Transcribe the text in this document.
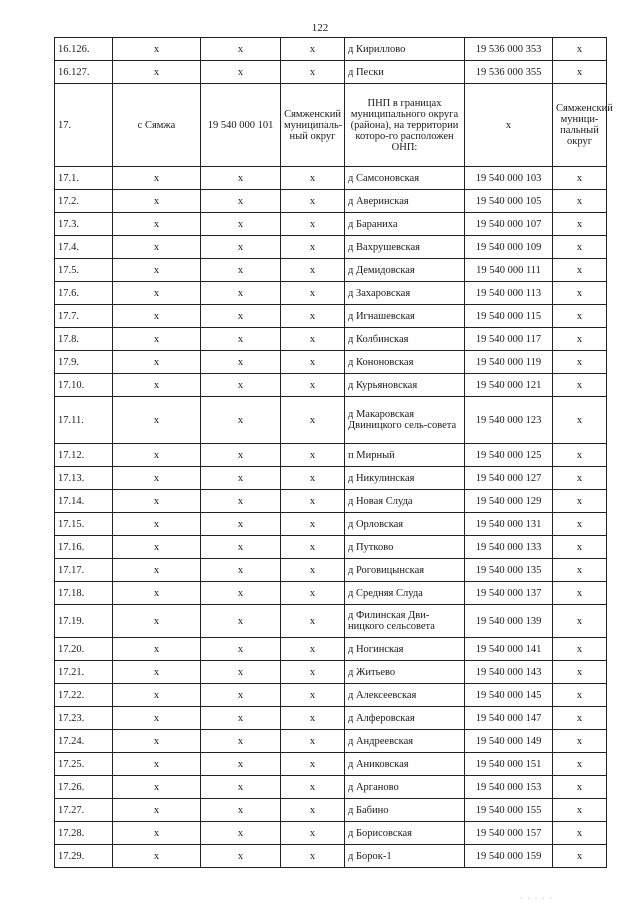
122
16.126.	x	x	x	д Кириллово	19 536 000 353	x
16.127.	x	x	x	д Пески	19 536 000 355	x
17.	с Сямжа	19 540 000 101	Сямженский муниципаль-ный округ	ПНП в границах муниципального округа (района), на территории которо-го расположен ОНП:	х	Сямженский муници-пальный округ
17.1.	x	x	x	д Самсоновская	19 540 000 103	x
17.2.	x	x	x	д Аверинская	19 540 000 105	x
17.3.	x	x	x	д Бараниха	19 540 000 107	x
17.4.	x	x	x	д Вахрушевская	19 540 000 109	x
17.5.	x	x	x	д Демидовская	19 540 000 111	x
17.6.	x	x	x	д Захаровская	19 540 000 113	x
17.7.	x	x	x	д Игнашевская	19 540 000 115	x
17.8.	x	x	x	д Колбинская	19 540 000 117	x
17.9.	x	x	x	д Кононовская	19 540 000 119	x
17.10.	x	x	x	д Курьяновская	19 540 000 121	x
17.11.	x	x	x	д Макаровская Двиницкого сель-совета	19 540 000 123	x
17.12.	x	x	x	п Мирный	19 540 000 125	x
17.13.	x	x	x	д Никулинская	19 540 000 127	x
17.14.	x	x	x	д Новая Слуда	19 540 000 129	x
17.15.	x	x	x	д Орловская	19 540 000 131	x
17.16.	x	x	x	д Путково	19 540 000 133	x
17.17.	x	x	x	д Роговицынская	19 540 000 135	x
17.18.	x	x	x	д Средняя Слуда	19 540 000 137	x
17.19.	x	x	x	д Филинская Дви-ницкого сельсовета	19 540 000 139	x
17.20.	x	x	x	д Ногинская	19 540 000 141	x
17.21.	x	x	x	д Житьево	19 540 000 143	x
17.22.	x	x	x	д Алексеевская	19 540 000 145	x
17.23.	x	x	x	д Алферовская	19 540 000 147	x
17.24.	x	x	x	д Андреевская	19 540 000 149	x
17.25.	x	x	x	д Аниковская	19 540 000 151	x
17.26.	x	x	x	д Арганово	19 540 000 153	x
17.27.	x	x	x	д Бабино	19 540 000 155	x
17.28.	x	x	x	д Борисовская	19 540 000 157	x
17.29.	x	x	x	д Борок-1	19 540 000 159	x
· · · · ·
